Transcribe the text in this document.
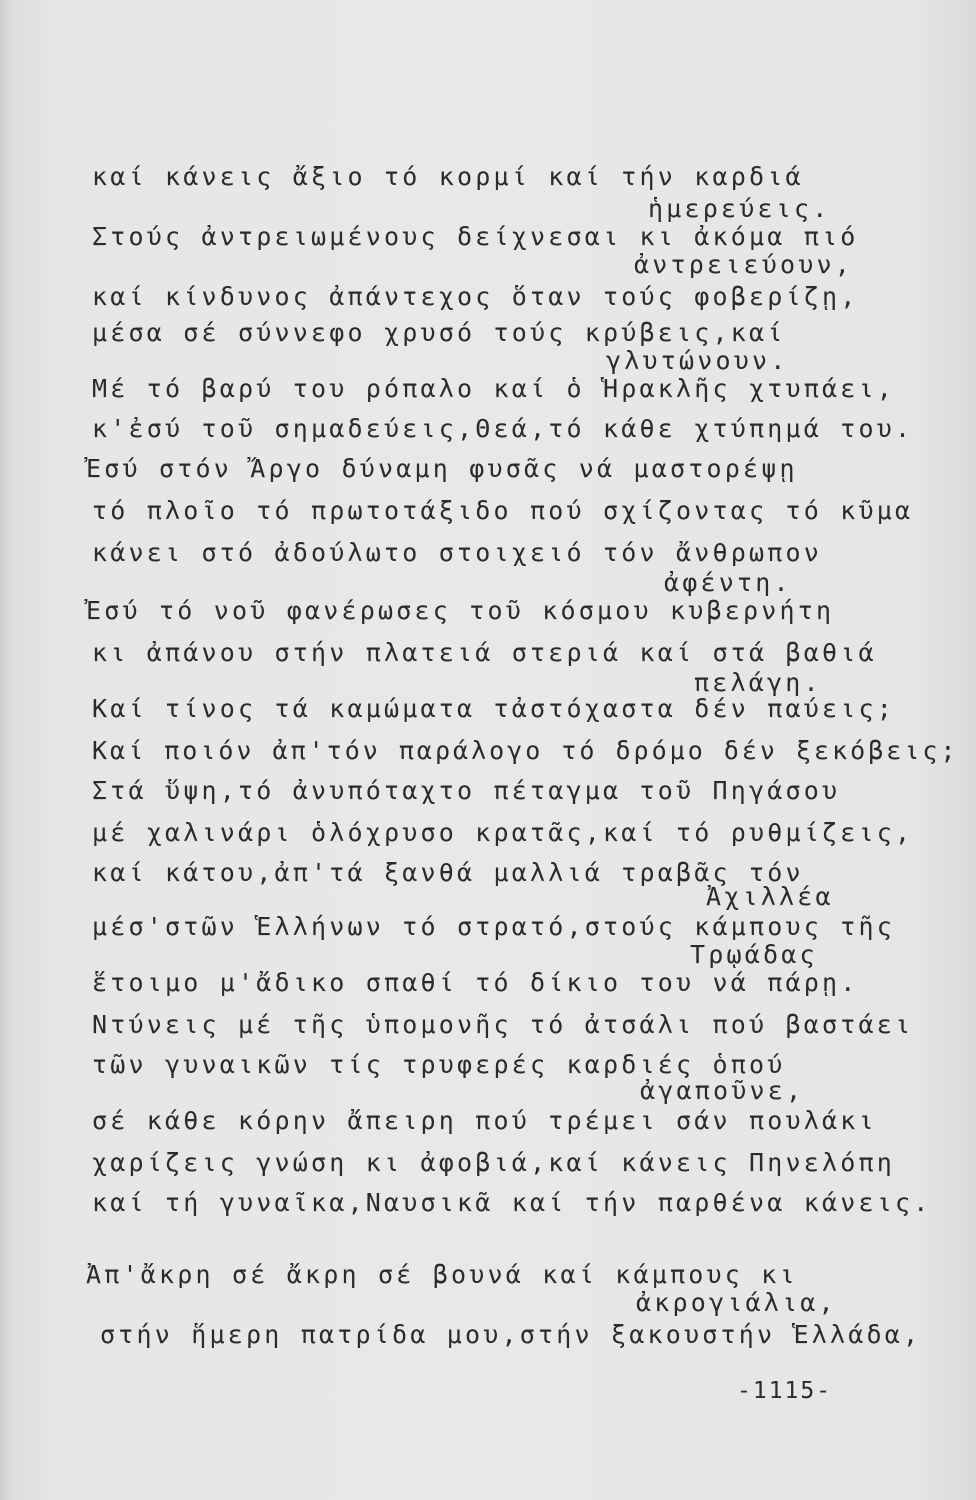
καί κάνεις ἄξιο τό κορμί καί τήν καρδιά
ἡμερεύεις.
Στούς ἀντρειωμένους δείχνεσαι κι ἀκόμα πιό
ἀντρειεύουν,
καί κίνδυνος ἀπάντεχος ὅταν τούς φοβερίζῃ,
μέσα σέ σύννεφο χρυσό τούς κρύβεις,καί
γλυτώνουν.
Μέ τό βαρύ του ρόπαλο καί ὁ Ἡρακλῆς χτυπάει,
κ'ἐσύ τοῦ σημαδεύεις,Θεά,τό κάθε χτύπημά του.
Ἐσύ στόν Ἄργο δύναμη φυσᾶς νά μαστορέψῃ
τό πλοῖο τό πρωτοτάξιδο πού σχίζοντας τό κῦμα
κάνει στό ἀδούλωτο στοιχειό τόν ἄνθρωπον
ἀφέντη.
Ἐσύ τό νοῦ φανέρωσες τοῦ κόσμου κυβερνήτη
κι ἀπάνου στήν πλατειά στεριά καί στά βαθιά
πελάγη.
Καί τίνος τά καμώματα τἀστόχαστα δέν παύεις;
Καί ποιόν ἀπ'τόν παράλογο τό δρόμο δέν ξεκόβεις;
Στά ὕψη,τό ἀνυπόταχτο πέταγμα τοῦ Πηγάσου
μέ χαλινάρι ὁλόχρυσο κρατᾶς,καί τό ρυθμίζεις,
καί κάτου,ἀπ'τά ξανθά μαλλιά τραβᾶς τόν
Ἀχιλλέα
μέσ'στῶν Ἑλλήνων τό στρατό,στούς κάμπους τῆς
Τρῳάδας
ἕτοιμο μ'ἄδικο σπαθί τό δίκιο του νά πάρῃ.
Ντύνεις μέ τῆς ὑπομονῆς τό ἀτσάλι πού βαστάει
τῶν γυναικῶν τίς τρυφερές καρδιές ὁπού
ἀγαποῦνε,
σέ κάθε κόρην ἄπειρη πού τρέμει σάν πουλάκι
χαρίζεις γνώση κι ἀφοβιά,καί κάνεις Πηνελόπη
καί τή γυναῖκα,Ναυσικᾶ καί τήν παρθένα κάνεις.
Ἀπ'ἄκρη σέ ἄκρη σέ βουνά καί κάμπους κι
ἀκρογιάλια,
στήν ἥμερη πατρίδα μου,στήν ξακουστήν Ἑλλάδα,
-1115-
